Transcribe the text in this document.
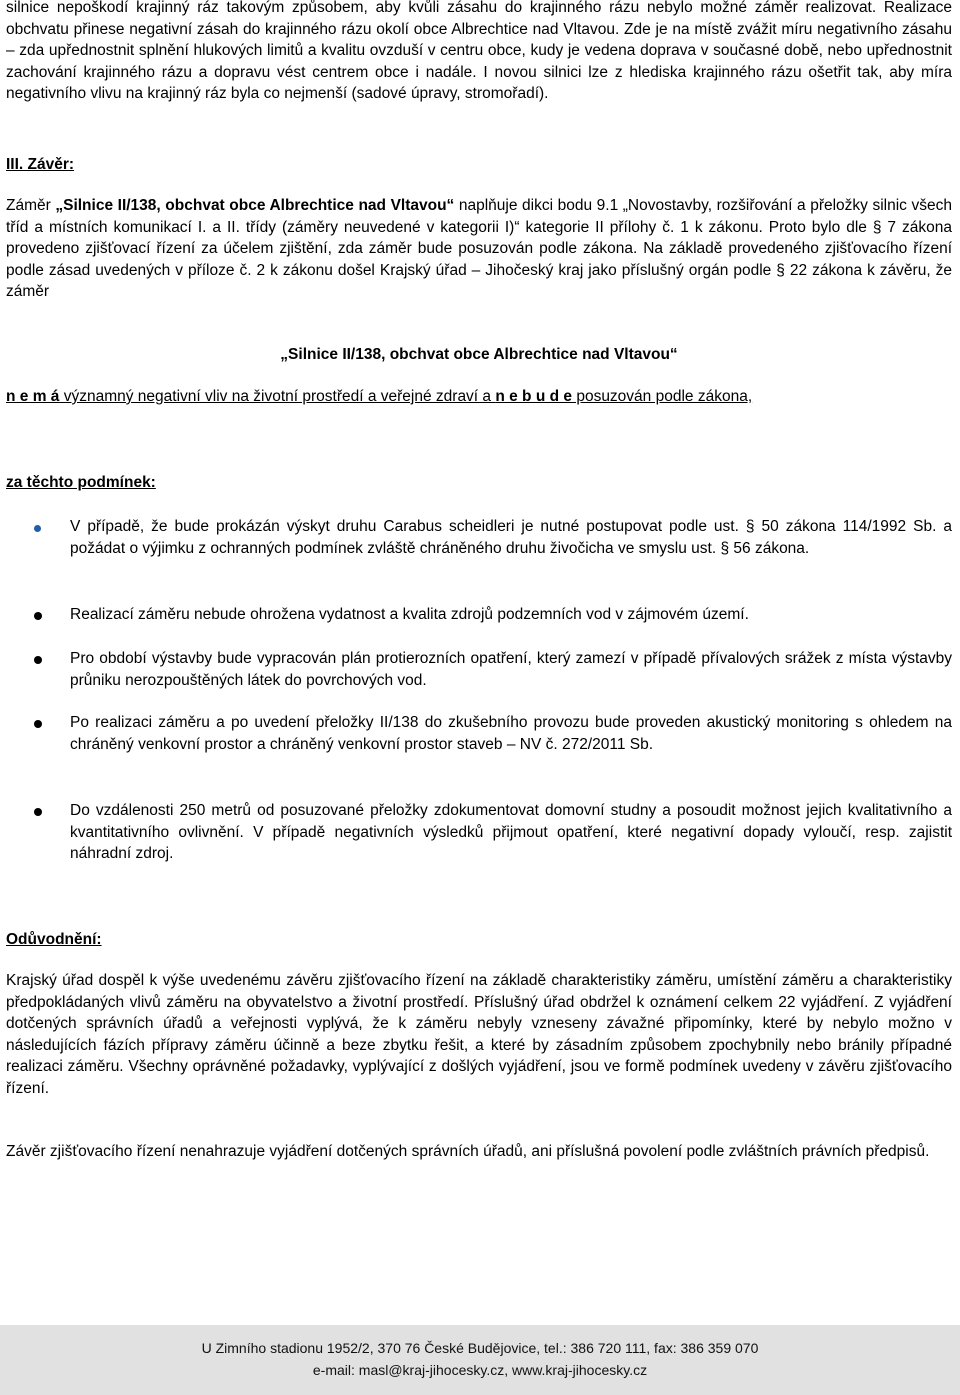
silnice nepoškodí krajinný ráz takovým způsobem, aby kvůli zásahu do krajinného rázu nebylo možné záměr realizovat. Realizace obchvatu přinese negativní zásah do krajinného rázu okolí obce Albrechtice nad Vltavou. Zde je na místě zvážit míru negativního zásahu – zda upřednostnit splnění hlukových limitů a kvalitu ovzduší v centru obce, kudy je vedena doprava v současné době, nebo upřednostnit zachování krajinného rázu a dopravu vést centrem obce i nadále. I novou silnici lze z hlediska krajinného rázu ošetřit tak, aby míra negativního vlivu na krajinný ráz byla co nejmenší (sadové úpravy, stromořadí).
III. Závěr:
Záměr „Silnice II/138, obchvat obce Albrechtice nad Vltavou“ naplňuje dikci bodu 9.1 „Novostavby, rozšiřování a přeložky silnic všech tříd a místních komunikací I. a II. třídy (záměry neuvedené v kategorii I)“ kategorie II přílohy č. 1 k zákonu. Proto bylo dle § 7 zákona provedeno zjišťovací řízení za účelem zjištění, zda záměr bude posuzován podle zákona. Na základě provedeného zjišťovacího řízení podle zásad uvedených v příloze č. 2 k zákonu došel Krajský úřad – Jihočeský kraj jako příslušný orgán podle § 22 zákona k závěru, že záměr
„Silnice II/138, obchvat obce Albrechtice nad Vltavou“
n e m á významný negativní vliv na životní prostředí a veřejné zdraví a n e b u d e posuzován podle zákona,
za těchto podmínek:
V případě, že bude prokázán výskyt druhu Carabus scheidleri je nutné postupovat podle ust. § 50 zákona 114/1992 Sb. a požádat o výjimku z ochranných podmínek zvláště chráněného druhu živočicha ve smyslu ust. § 56 zákona.
Realizací záměru nebude ohrožena vydatnost a kvalita zdrojů podzemních vod v zájmovém území.
Pro období výstavby bude vypracován plán protierozních opatření, který zamezí v případě přívalových srážek z místa výstavby průniku nerozpouštěných látek do povrchových vod.
Po realizaci záměru a po uvedení přeložky II/138 do zkušebního provozu bude proveden akustický monitoring s ohledem na chráněný venkovní prostor a chráněný venkovní prostor staveb – NV č. 272/2011 Sb.
Do vzdálenosti 250 metrů od posuzované přeložky zdokumentovat domovní studny a posoudit možnost jejich kvalitativního a kvantitativního ovlivnění. V případě negativních výsledků přijmout opatření, které negativní dopady vyloučí, resp. zajistit náhradní zdroj.
Odůvodnění:
Krajský úřad dospěl k výše uvedenému závěru zjišťovacího řízení na základě charakteristiky záměru, umístění záměru a charakteristiky předpokládaných vlivů záměru na obyvatelstvo a životní prostředí. Příslušný úřad obdržel k oznámení celkem 22 vyjádření. Z vyjádření dotčených správních úřadů a veřejnosti vyplývá, že k záměru nebyly vzneseny závažné připomínky, které by nebylo možno v následujících fázích přípravy záměru účinně a beze zbytku řešit, a které by zásadním způsobem zpochybnily nebo bránily případné realizaci záměru. Všechny oprávněné požadavky, vyplývající z došlých vyjádření, jsou ve formě podmínek uvedeny v závěru zjišťovacího řízení.
Závěr zjišťovacího řízení nenahrazuje vyjádření dotčených správních úřadů, ani příslušná povolení podle zvláštních právních předpisů.
U Zimního stadionu 1952/2, 370 76 České Budějovice, tel.: 386 720 111, fax: 386 359 070
e-mail: masl@kraj-jihocesky.cz, www.kraj-jihocesky.cz
